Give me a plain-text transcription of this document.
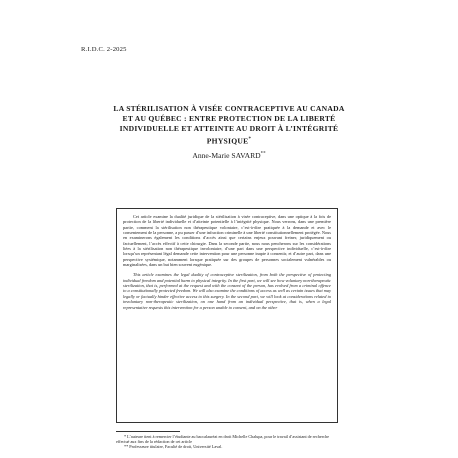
R.I.D.C. 2-2025
LA STÉRILISATION À VISÉE CONTRACEPTIVE AU CANADA ET AU QUÉBEC : ENTRE PROTECTION DE LA LIBERTÉ INDIVIDUELLE ET ATTEINTE AU DROIT À L’INTÉGRITÉ PHYSIQUE*
Anne-Marie SAVARD**

Cet article examine la dualité juridique de la stérilisation à visée contraceptive, dans une optique à la fois de protection de la liberté individuelle et d’atteinte potentielle à l’intégrité physique. Nous verrons, dans une première partie, comment la stérilisation non thérapeutique volontaire, c’est-à-dire pratiquée à la demande et avec le consentement de la personne, a pu passer d’une infraction criminelle à une liberté constitutionnellement protégée. Nous en examinerons également les conditions d’accès ainsi que certains enjeux pouvant freiner, juridiquement ou factuellement, l’accès effectif à cette chirurgie. Dans la seconde partie, nous nous pencherons sur les considérations liées à la stérilisation non thérapeutique involontaire, d’une part dans une perspective individuelle, c’est-à-dire lorsqu’un représentant légal demande cette intervention pour une personne inapte à consentir, et d’autre part, dans une perspective systémique, notamment lorsque pratiquée sur des groupes de personnes socialement vulnérables ou marginalisées, dans un but bien souvent eugénique.

This article examines the legal duality of contraceptive sterilization, from both the perspective of protecting individual freedom and potential harm to physical integrity. In the first part, we will see how voluntary non-therapeutic sterilization, that is, performed at the request and with the consent of the person, has evolved from a criminal offence to a constitutionally protected freedom. We will also examine the conditions of access as well as certain issues that may legally or factually hinder effective access to this surgery. In the second part, we will look at considerations related to involuntary non-therapeutic sterilization, on one hand from an individual perspective, that is, when a legal representative requests this intervention for a person unable to consent, and on the other

* L’auteure tient à remercier l’étudiante au baccalauréat en droit Michelle Chalupa, pour le travail d’assistant de recherche effectué aux fins de la rédaction de cet article

** Professeure titulaire, Faculté de droit, Université Laval.
